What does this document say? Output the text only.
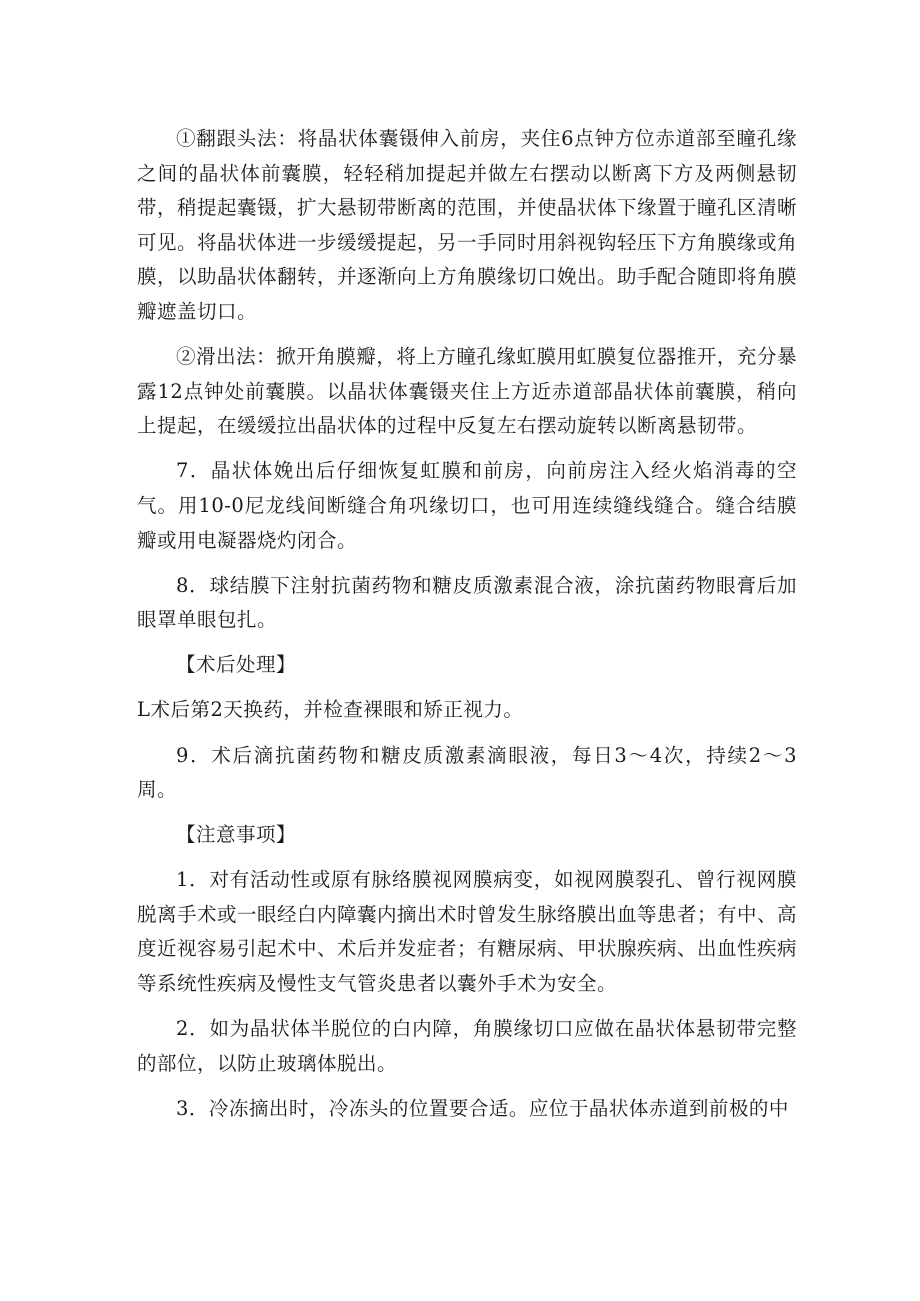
①翻跟头法：将晶状体囊镊伸入前房，夹住6点钟方位赤道部至瞳孔缘之间的晶状体前囊膜，轻轻稍加提起并做左右摆动以断离下方及两侧悬韧带，稍提起囊镊，扩大悬韧带断离的范围，并使晶状体下缘置于瞳孔区清晰可见。将晶状体进一步缓缓提起，另一手同时用斜视钩轻压下方角膜缘或角膜，以助晶状体翻转，并逐渐向上方角膜缘切口娩出。助手配合随即将角膜瓣遮盖切口。

②滑出法：掀开角膜瓣，将上方瞳孔缘虹膜用虹膜复位器推开，充分暴露12点钟处前囊膜。以晶状体囊镊夹住上方近赤道部晶状体前囊膜，稍向上提起，在缓缓拉出晶状体的过程中反复左右摆动旋转以断离悬韧带。

7．晶状体娩出后仔细恢复虹膜和前房，向前房注入经火焰消毒的空气。用10-0尼龙线间断缝合角巩缘切口，也可用连续缝线缝合。缝合结膜瓣或用电凝器烧灼闭合。

8．球结膜下注射抗菌药物和糖皮质激素混合液，涂抗菌药物眼膏后加眼罩单眼包扎。

【术后处理】

L术后第2天换药，并检查裸眼和矫正视力。

9．术后滴抗菌药物和糖皮质激素滴眼液，每日3～4次，持续2～3周。

【注意事项】

1．对有活动性或原有脉络膜视网膜病变，如视网膜裂孔、曾行视网膜脱离手术或一眼经白内障囊内摘出术时曾发生脉络膜出血等患者；有中、高度近视容易引起术中、术后并发症者；有糖尿病、甲状腺疾病、出血性疾病等系统性疾病及慢性支气管炎患者以囊外手术为安全。

2．如为晶状体半脱位的白内障，角膜缘切口应做在晶状体悬韧带完整的部位，以防止玻璃体脱出。

3．冷冻摘出时，冷冻头的位置要合适。应位于晶状体赤道到前极的中
